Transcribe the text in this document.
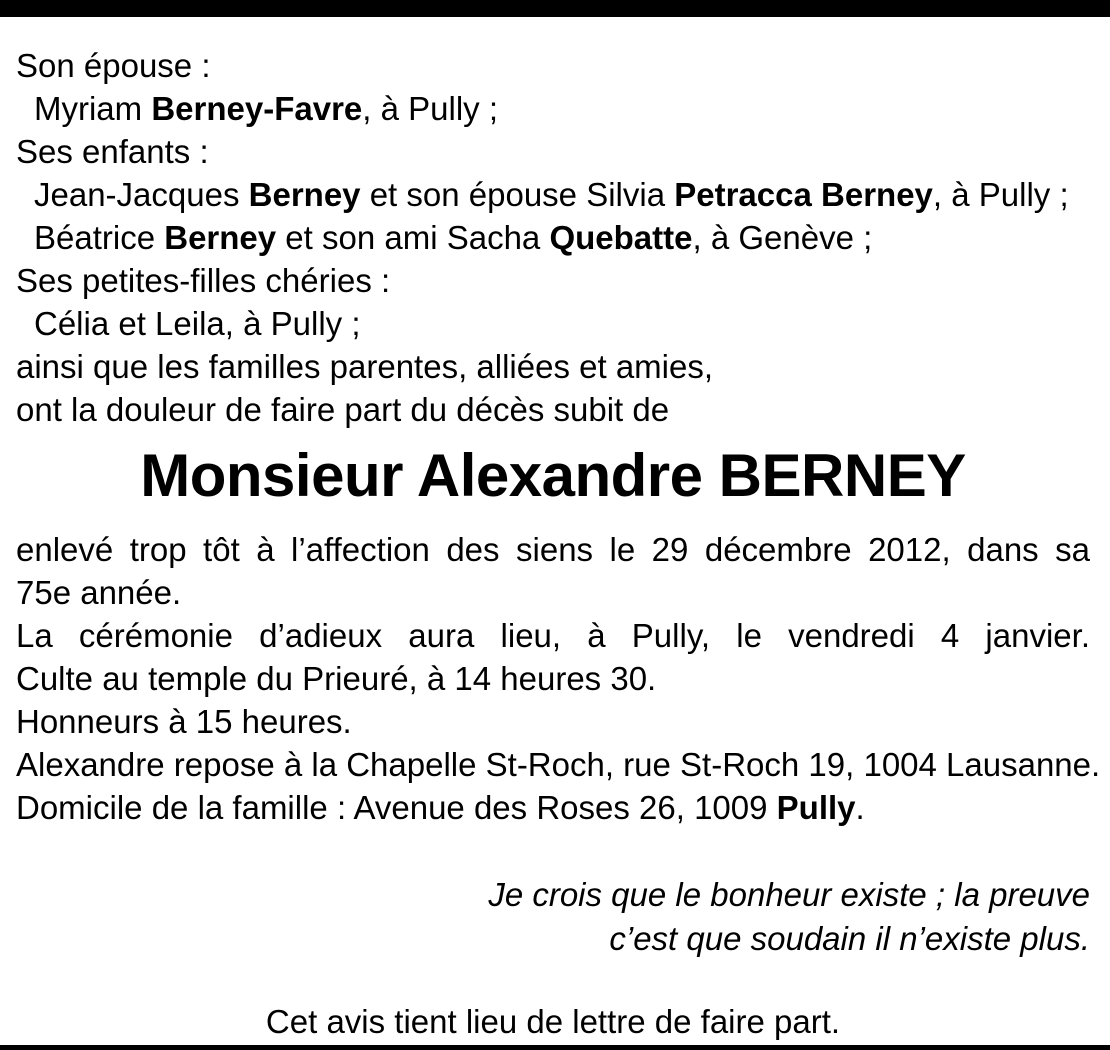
Son épouse :

Myriam Berney-Favre, à Pully ;

Ses enfants :

Jean-Jacques Berney et son épouse Silvia Petracca Berney, à Pully ;

Béatrice Berney et son ami Sacha Quebatte, à Genève ;

Ses petites-filles chéries :

Célia et Leila, à Pully ;

ainsi que les familles parentes, alliées et amies,

ont la douleur de faire part du décès subit de

Monsieur Alexandre BERNEY

enlevé trop tôt à l’affection des siens le 29 décembre 2012, dans sa

75e année.

La cérémonie d’adieux aura lieu, à Pully, le vendredi 4 janvier.

Culte au temple du Prieuré, à 14 heures 30.

Honneurs à 15 heures.

Alexandre repose à la Chapelle St-Roch, rue St-Roch 19, 1004 Lausanne.

Domicile de la famille : Avenue des Roses 26, 1009 Pully.

Je crois que le bonheur existe ; la preuve
c’est que soudain il n’existe plus.

Cet avis tient lieu de lettre de faire part.
